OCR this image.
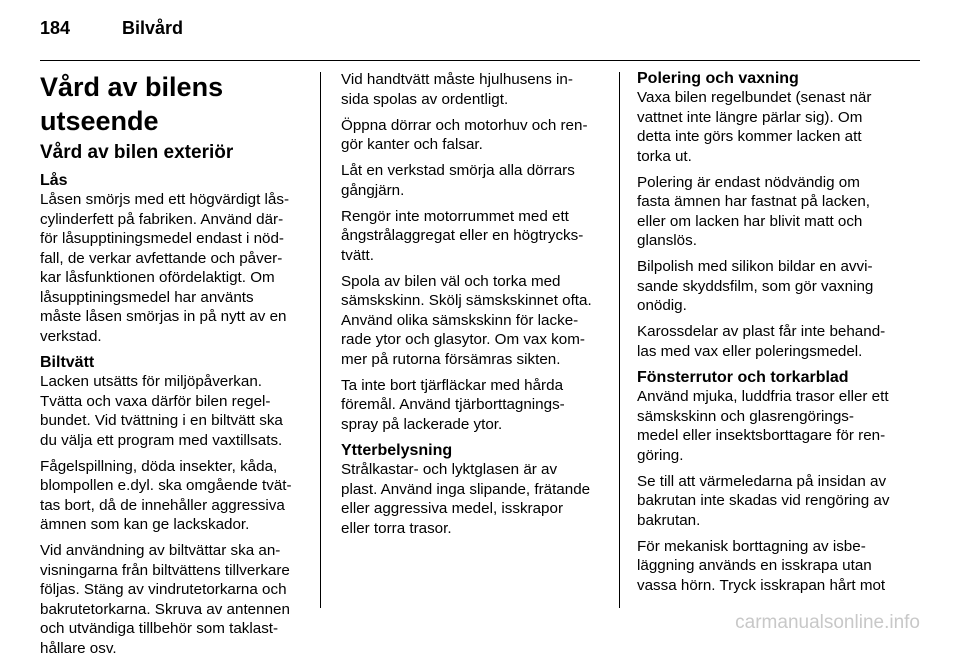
184	Bilvård
Vård av bilens utseende
Vård av bilen exteriör
Lås

Låsen smörjs med ett högvärdigt lås-
cylinderfett på fabriken. Använd där-
för låsupptiningsmedel endast i nöd-
fall, de verkar avfettande och påver-
kar låsfunktionen ofördelaktigt. Om
låsupptiningsmedel har använts
måste låsen smörjas in på nytt av en
verkstad.

Biltvätt

Lacken utsätts för miljöpåverkan.
Tvätta och vaxa därför bilen regel-
bundet. Vid tvättning i en biltvätt ska
du välja ett program med vaxtillsats.

Fågelspillning, döda insekter, kåda,
blompollen e.dyl. ska omgående tvät-
tas bort, då de innehåller aggressiva
ämnen som kan ge lackskador.

Vid användning av biltvättar ska an-
visningarna från biltvättens tillverkare
följas. Stäng av vindrutetorkarna och
bakrutetorkarna. Skruva av antennen
och utvändiga tillbehör som taklast-
hållare osv.

Vid handtvätt måste hjulhusens in-
sida spolas av ordentligt.

Öppna dörrar och motorhuv och ren-
gör kanter och falsar.

Låt en verkstad smörja alla dörrars
gångjärn.

Rengör inte motorrummet med ett
ångstrålaggregat eller en högtrycks-
tvätt.

Spola av bilen väl och torka med
sämskskinn. Skölj sämskskinnet ofta.
Använd olika sämskskinn för lacke-
rade ytor och glasytor. Om vax kom-
mer på rutorna försämras sikten.

Ta inte bort tjärfläckar med hårda
föremål. Använd tjärborttagnings-
spray på lackerade ytor.

Ytterbelysning

Strålkastar- och lyktglasen är av
plast. Använd inga slipande, frätande
eller aggressiva medel, isskrapor
eller torra trasor.

Polering och vaxning

Vaxa bilen regelbundet (senast när
vattnet inte längre pärlar sig). Om
detta inte görs kommer lacken att
torka ut.

Polering är endast nödvändig om
fasta ämnen har fastnat på lacken,
eller om lacken har blivit matt och
glanslös.

Bilpolish med silikon bildar en avvi-
sande skyddsfilm, som gör vaxning
onödig.

Karossdelar av plast får inte behand-
las med vax eller poleringsmedel.

Fönsterrutor och torkarblad

Använd mjuka, luddfria trasor eller ett
sämskskinn och glasrengörings-
medel eller insektsborttagare för ren-
göring.

Se till att värmeledarna på insidan av
bakrutan inte skadas vid rengöring av
bakrutan.

För mekanisk borttagning av isbe-
läggning används en isskrapa utan
vassa hörn. Tryck isskrapan hårt mot

carmanualsonline.info
